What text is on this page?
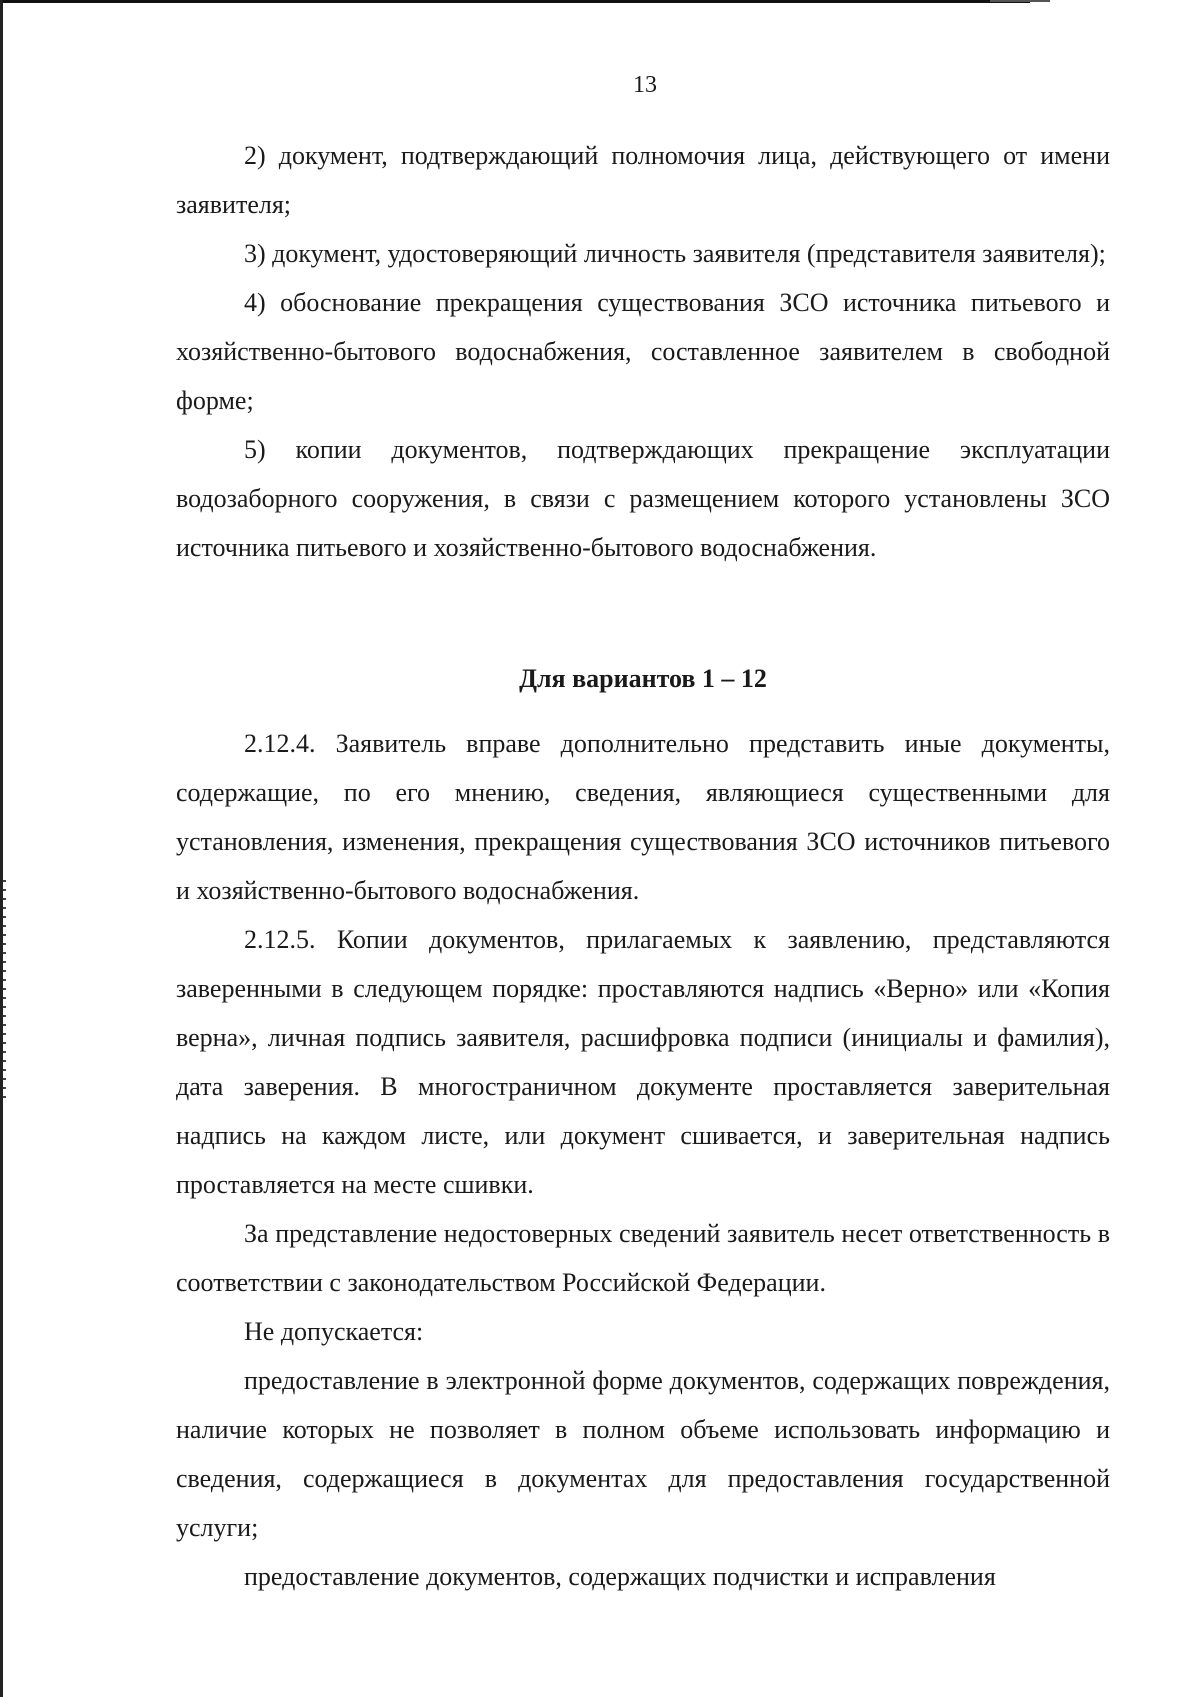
13

2) документ, подтверждающий полномочия лица, действующего от имени заявителя;

3) документ, удостоверяющий личность заявителя (представителя заявителя);

4) обоснование прекращения существования ЗСО источника питьевого и хозяйственно-бытового водоснабжения, составленное заявителем в свободной форме;

5) копии документов, подтверждающих прекращение эксплуатации водозаборного сооружения, в связи с размещением которого установлены ЗСО источника питьевого и хозяйственно-бытового водоснабжения.

Для вариантов 1 – 12

2.12.4. Заявитель вправе дополнительно представить иные документы, содержащие, по его мнению, сведения, являющиеся существенными для установления, изменения, прекращения существования ЗСО источников питьевого и хозяйственно-бытового водоснабжения.

2.12.5. Копии документов, прилагаемых к заявлению, представляются заверенными в следующем порядке: проставляются надпись «Верно» или «Копия верна», личная подпись заявителя, расшифровка подписи (инициалы и фамилия), дата заверения. В многостраничном документе проставляется заверительная надпись на каждом листе, или документ сшивается, и заверительная надпись проставляется на месте сшивки.

За представление недостоверных сведений заявитель несет ответственность в соответствии с законодательством Российской Федерации.

Не допускается:

предоставление в электронной форме документов, содержащих повреждения, наличие которых не позволяет в полном объеме использовать информацию и сведения, содержащиеся в документах для предоставления государственной услуги;

предоставление документов, содержащих подчистки и исправления
